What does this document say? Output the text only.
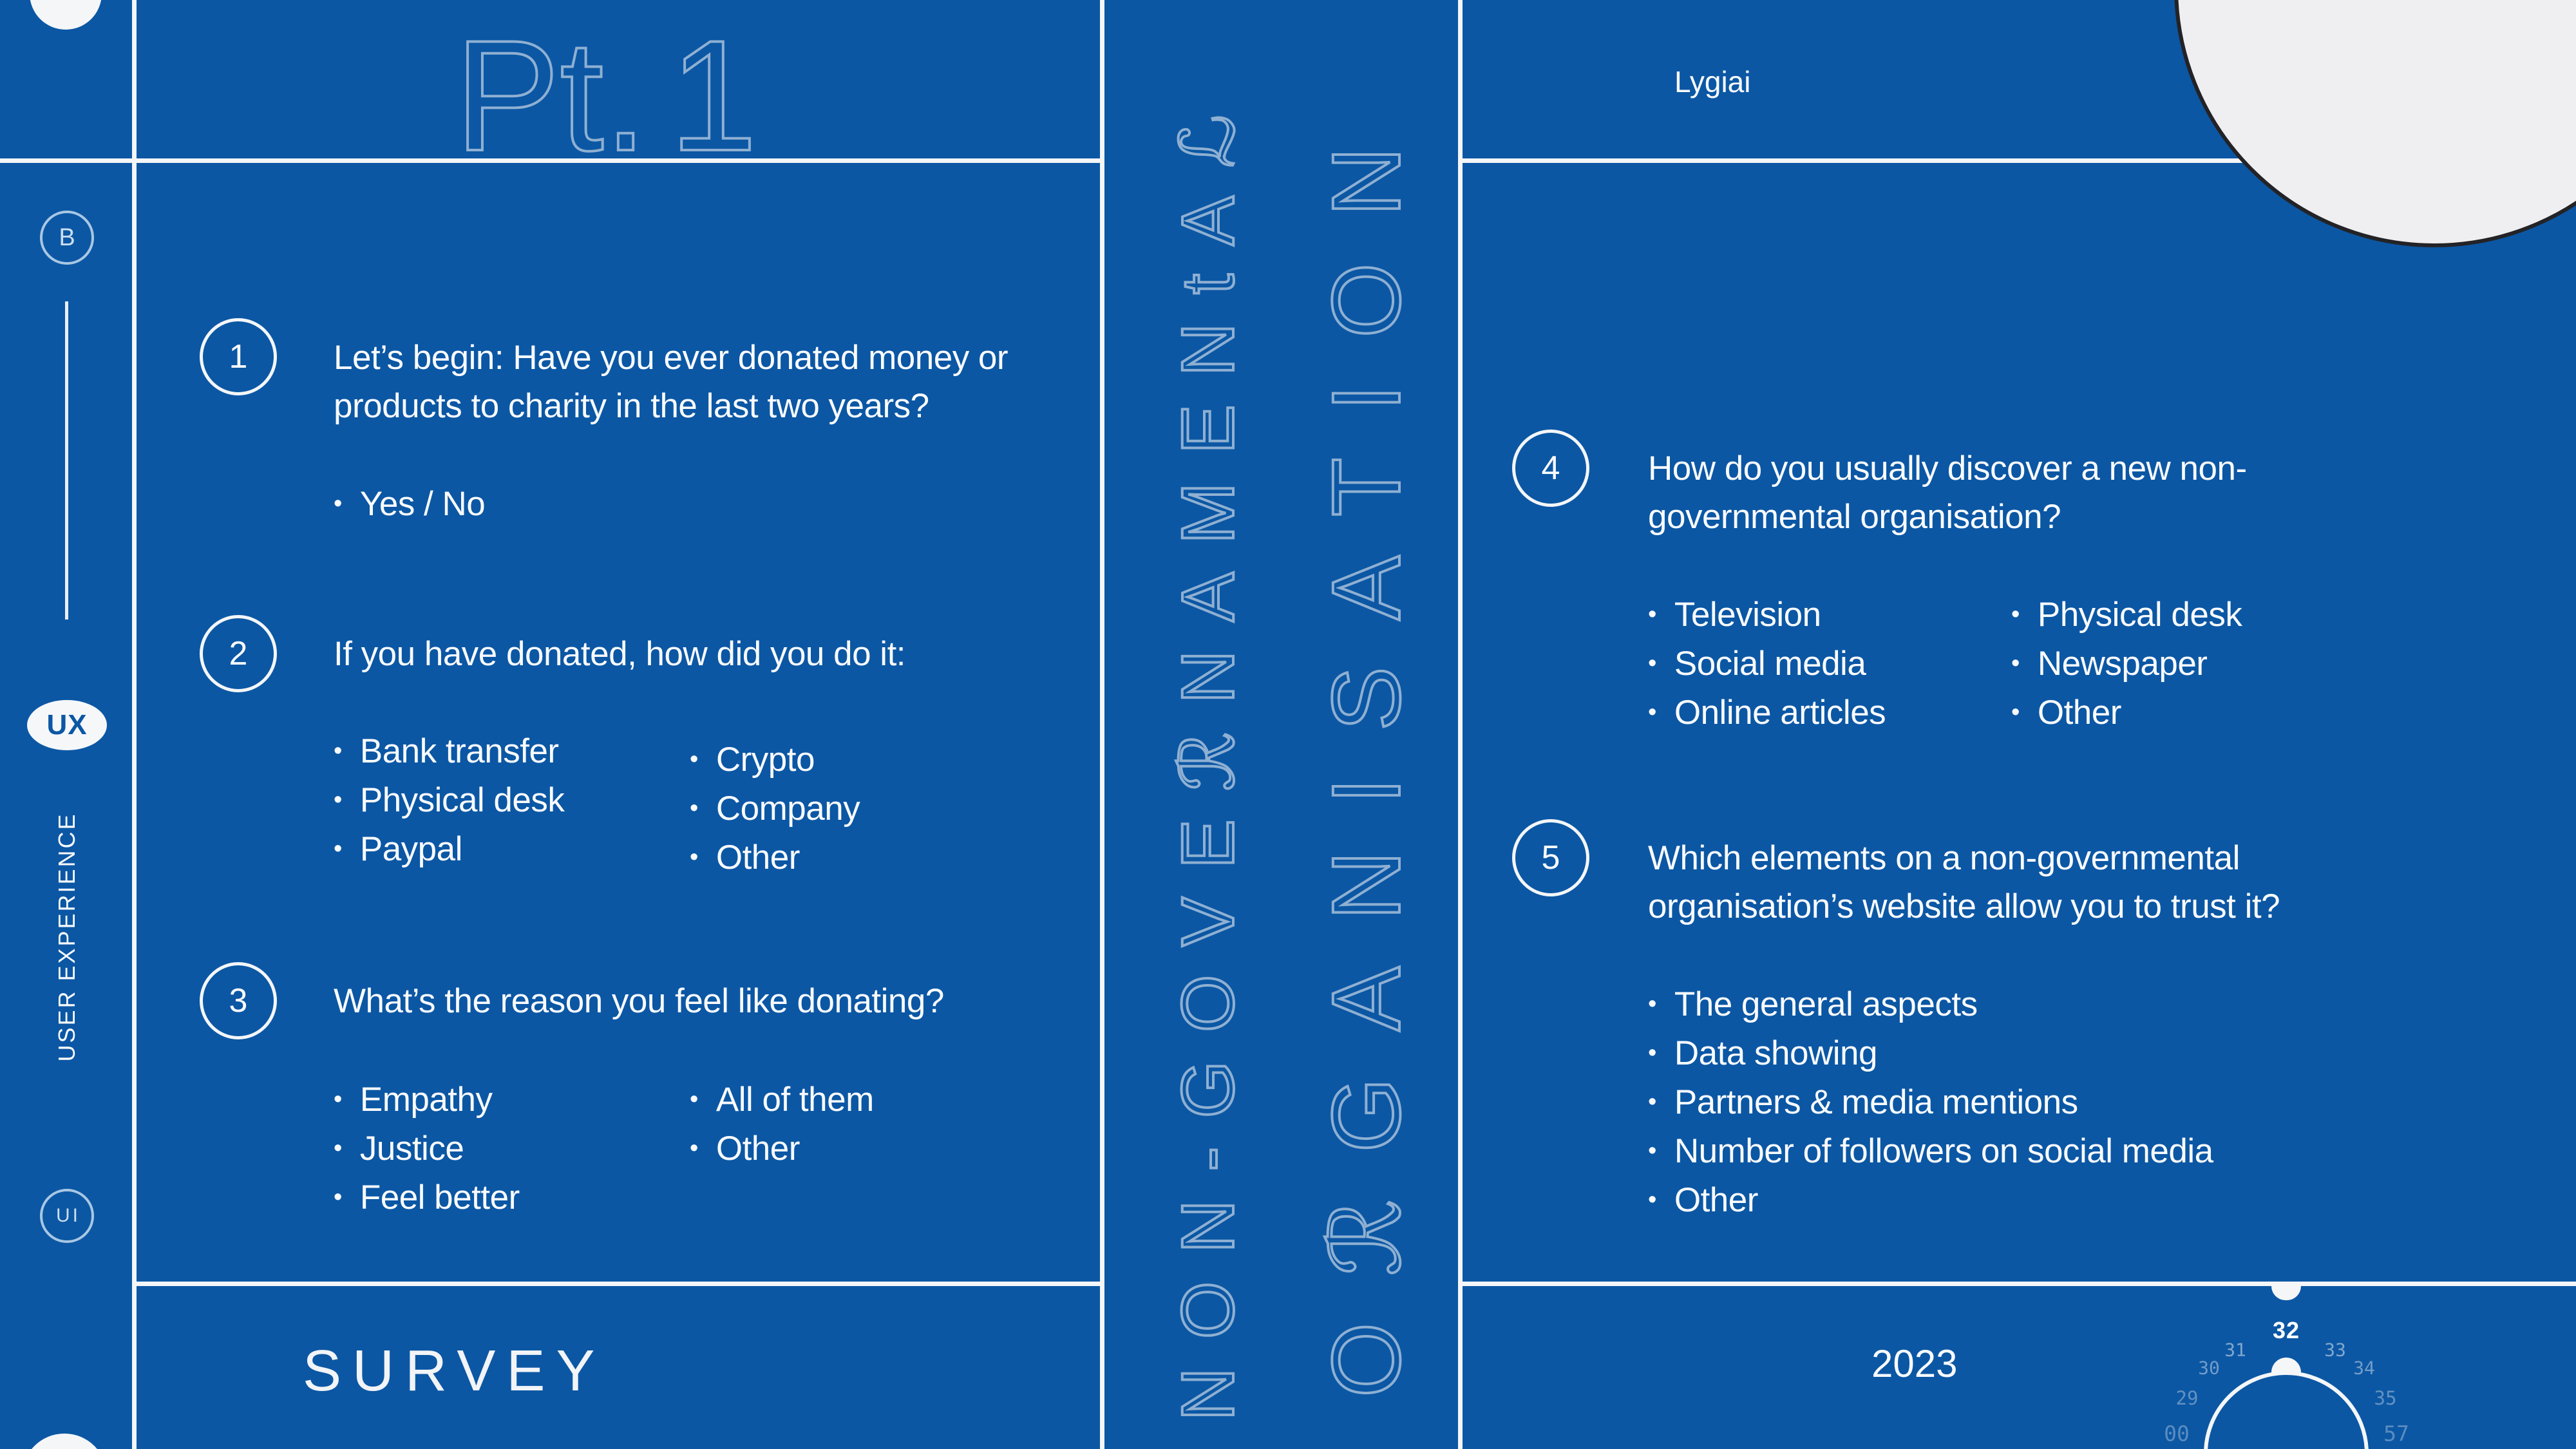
B
UX
USER EXPERIENCE
UI
Pt. 1	Lygiai
NON-GOVEℛNAMENtAℒ OℛGANISATION
1	Let’s begin: Have you ever donated money or
products to charity in the last two years?
• Yes / No
2	If you have donated, how did you do it:
• Bank transfer
• Physical desk
• Paypal
• Crypto
• Company
• Other
3	What’s the reason you feel like donating?
• Empathy
• Justice
• Feel better
• All of them
• Other
4	How do you usually discover a new non-
governmental organisation?
• Television
• Social media
• Online articles
• Physical desk
• Newspaper
• Other
5	Which elements on a non-governmental
organisation’s website allow you to trust it?
• The general aspects
• Data showing
• Partners & media mentions
• Number of followers on social media
• Other
SURVEY	2023
32
31	33
30	34
29	35
00	57
